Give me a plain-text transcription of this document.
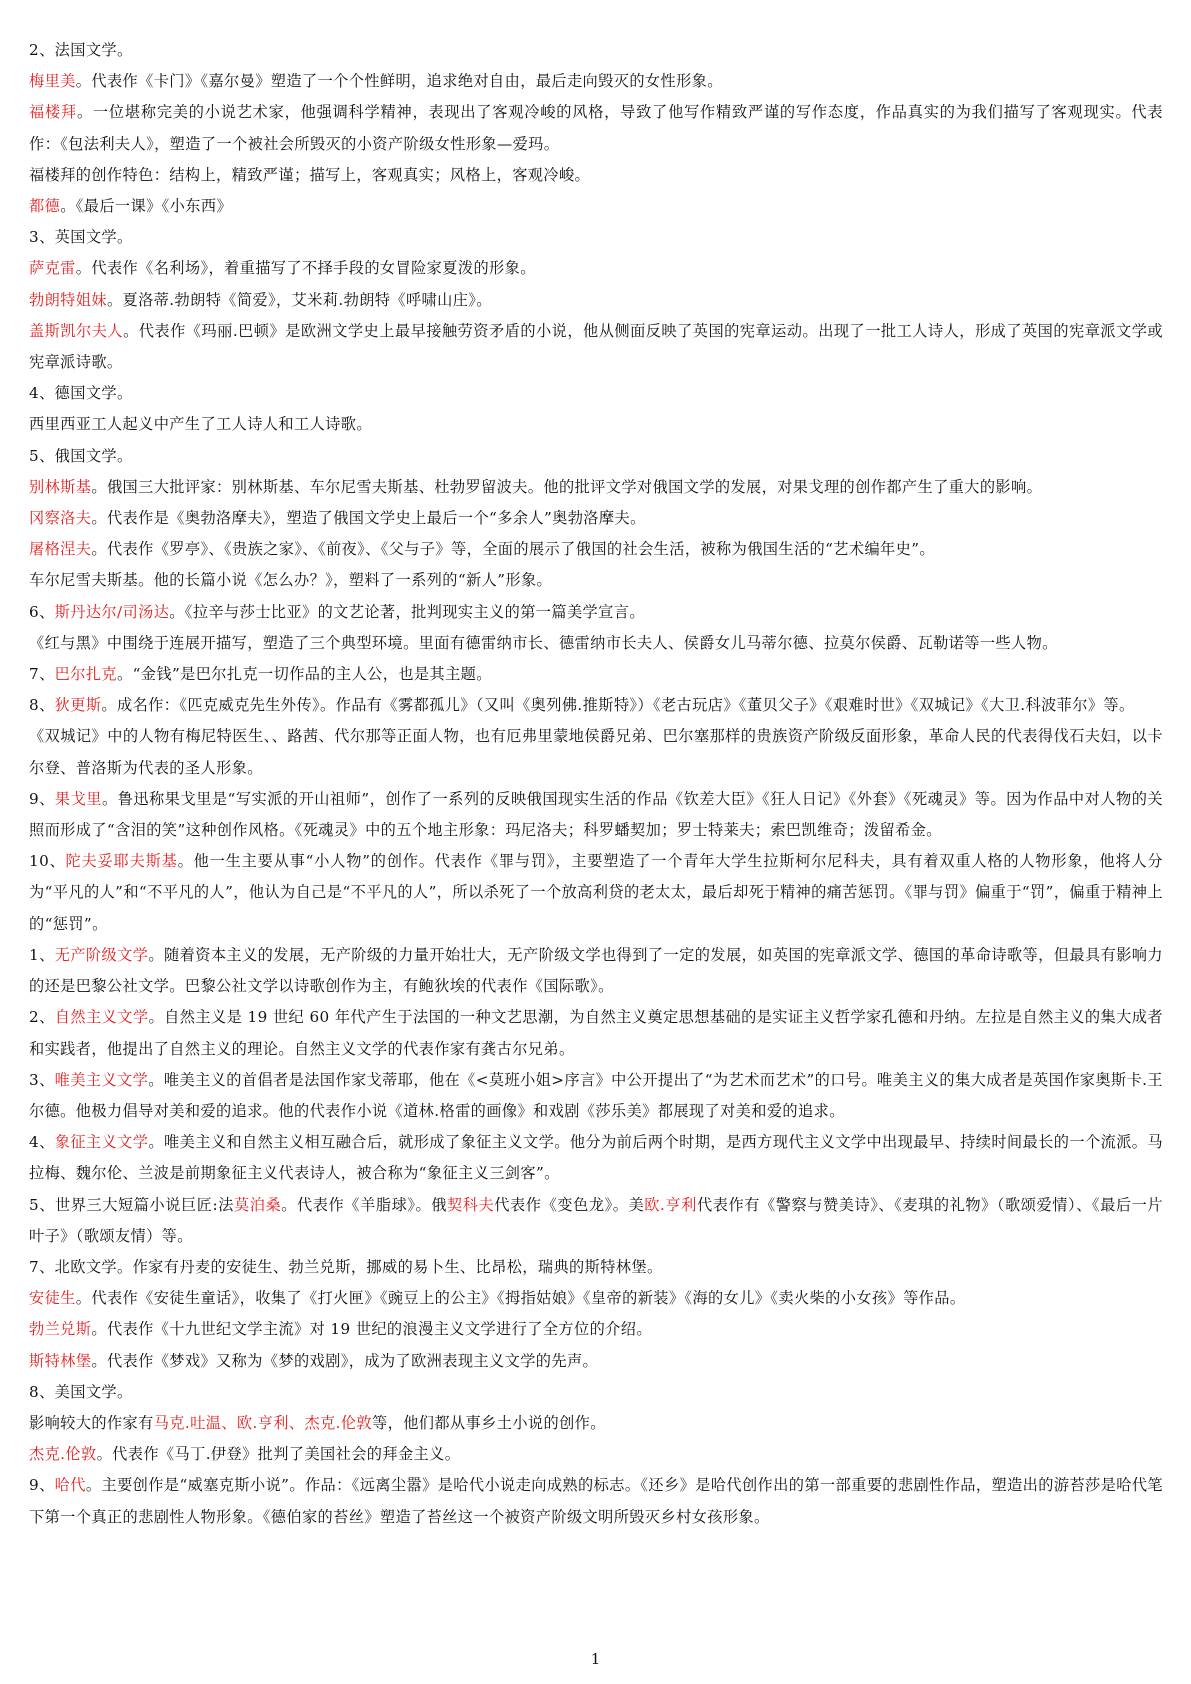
2、法国文学。

梅里美。代表作《卡门》《嘉尔曼》塑造了一个个性鲜明，追求绝对自由，最后走向毁灭的女性形象。

福楼拜。一位堪称完美的小说艺术家，他强调科学精神，表现出了客观冷峻的风格，导致了他写作精致严谨的写作态度，作品真实的为我们描写了客观现实。代表作：《包法利夫人》，塑造了一个被社会所毁灭的小资产阶级女性形象—爱玛。

福楼拜的创作特色：结构上，精致严谨；描写上，客观真实；风格上，客观冷峻。

都德。《最后一课》《小东西》

3、英国文学。

萨克雷。代表作《名利场》，着重描写了不择手段的女冒险家夏泼的形象。

勃朗特姐妹。夏洛蒂.勃朗特《简爱》，艾米莉.勃朗特《呼啸山庄》。

盖斯凯尔夫人。代表作《玛丽.巴顿》是欧洲文学史上最早接触劳资矛盾的小说，他从侧面反映了英国的宪章运动。出现了一批工人诗人，形成了英国的宪章派文学或宪章派诗歌。

4、德国文学。

西里西亚工人起义中产生了工人诗人和工人诗歌。

5、俄国文学。

别林斯基。俄国三大批评家：别林斯基、车尔尼雪夫斯基、杜勃罗留波夫。他的批评文学对俄国文学的发展，对果戈理的创作都产生了重大的影响。

冈察洛夫。代表作是《奥勃洛摩夫》，塑造了俄国文学史上最后一个“多余人”奥勃洛摩夫。

屠格涅夫。代表作《罗亭》、《贵族之家》、《前夜》、《父与子》等，全面的展示了俄国的社会生活，被称为俄国生活的“艺术编年史”。

车尔尼雪夫斯基。他的长篇小说《怎么办？》，塑料了一系列的“新人”形象。

6、斯丹达尔/司汤达。《拉辛与莎士比亚》的文艺论著，批判现实主义的第一篇美学宣言。

《红与黑》中围绕于连展开描写，塑造了三个典型环境。里面有德雷纳市长、德雷纳市长夫人、侯爵女儿马蒂尔德、拉莫尔侯爵、瓦勒诺等一些人物。

7、巴尔扎克。“金钱”是巴尔扎克一切作品的主人公，也是其主题。

8、狄更斯。成名作：《匹克威克先生外传》。作品有《雾都孤儿》（又叫《奥列佛.推斯特》）《老古玩店》《董贝父子》《艰难时世》《双城记》《大卫.科波菲尔》等。

《双城记》中的人物有梅尼特医生、、路茜、代尔那等正面人物，也有厄弗里蒙地侯爵兄弟、巴尔塞那样的贵族资产阶级反面形象，革命人民的代表得伐石夫妇，以卡尔登、普洛斯为代表的圣人形象。

9、果戈里。鲁迅称果戈里是“写实派的开山祖师”，创作了一系列的反映俄国现实生活的作品《钦差大臣》《狂人日记》《外套》《死魂灵》等。因为作品中对人物的关照而形成了“含泪的笑”这种创作风格。《死魂灵》中的五个地主形象：玛尼洛夫；科罗蟠契加；罗士特莱夫；索巴凯维奇；泼留希金。

10、陀夫妥耶夫斯基。他一生主要从事“小人物”的创作。代表作《罪与罚》，主要塑造了一个青年大学生拉斯柯尔尼科夫，具有着双重人格的人物形象，他将人分为“平凡的人”和“不平凡的人”，他认为自己是“不平凡的人”，所以杀死了一个放高利贷的老太太，最后却死于精神的痛苦惩罚。《罪与罚》偏重于“罚”，偏重于精神上的“惩罚”。

1、无产阶级文学。随着资本主义的发展，无产阶级的力量开始壮大，无产阶级文学也得到了一定的发展，如英国的宪章派文学、德国的革命诗歌等，但最具有影响力的还是巴黎公社文学。巴黎公社文学以诗歌创作为主，有鲍狄埃的代表作《国际歌》。

2、自然主义文学。自然主义是 19 世纪 60 年代产生于法国的一种文艺思潮，为自然主义奠定思想基础的是实证主义哲学家孔德和丹纳。左拉是自然主义的集大成者和实践者，他提出了自然主义的理论。自然主义文学的代表作家有龚古尔兄弟。

3、唯美主义文学。唯美主义的首倡者是法国作家戈蒂耶，他在《<莫班小姐>序言》中公开提出了“为艺术而艺术”的口号。唯美主义的集大成者是英国作家奥斯卡.王尔德。他极力倡导对美和爱的追求。他的代表作小说《道林.格雷的画像》和戏剧《莎乐美》都展现了对美和爱的追求。

4、象征主义文学。唯美主义和自然主义相互融合后，就形成了象征主义文学。他分为前后两个时期，是西方现代主义文学中出现最早、持续时间最长的一个流派。马拉梅、魏尔伦、兰波是前期象征主义代表诗人，被合称为“象征主义三剑客”。

5、世界三大短篇小说巨匠:法莫泊桑。代表作《羊脂球》。俄契科夫代表作《变色龙》。美欧.亨利代表作有《警察与赞美诗》、《麦琪的礼物》（歌颂爱情）、《最后一片叶子》（歌颂友情）等。

7、北欧文学。作家有丹麦的安徒生、勃兰兑斯，挪威的易卜生、比昂松，瑞典的斯特林堡。

安徒生。代表作《安徒生童话》，收集了《打火匣》《豌豆上的公主》《拇指姑娘》《皇帝的新装》《海的女儿》《卖火柴的小女孩》等作品。

勃兰兑斯。代表作《十九世纪文学主流》对 19 世纪的浪漫主义文学进行了全方位的介绍。

斯特林堡。代表作《梦戏》又称为《梦的戏剧》，成为了欧洲表现主义文学的先声。

8、美国文学。

影响较大的作家有马克.吐温、欧.亨利、杰克.伦敦等，他们都从事乡土小说的创作。

杰克.伦敦。代表作《马丁.伊登》批判了美国社会的拜金主义。

9、哈代。主要创作是“威塞克斯小说”。作品：《远离尘嚣》是哈代小说走向成熟的标志。《还乡》是哈代创作出的第一部重要的悲剧性作品，塑造出的游苔莎是哈代笔下第一个真正的悲剧性人物形象。《德伯家的苔丝》塑造了苔丝这一个被资产阶级文明所毁灭乡村女孩形象。

1
